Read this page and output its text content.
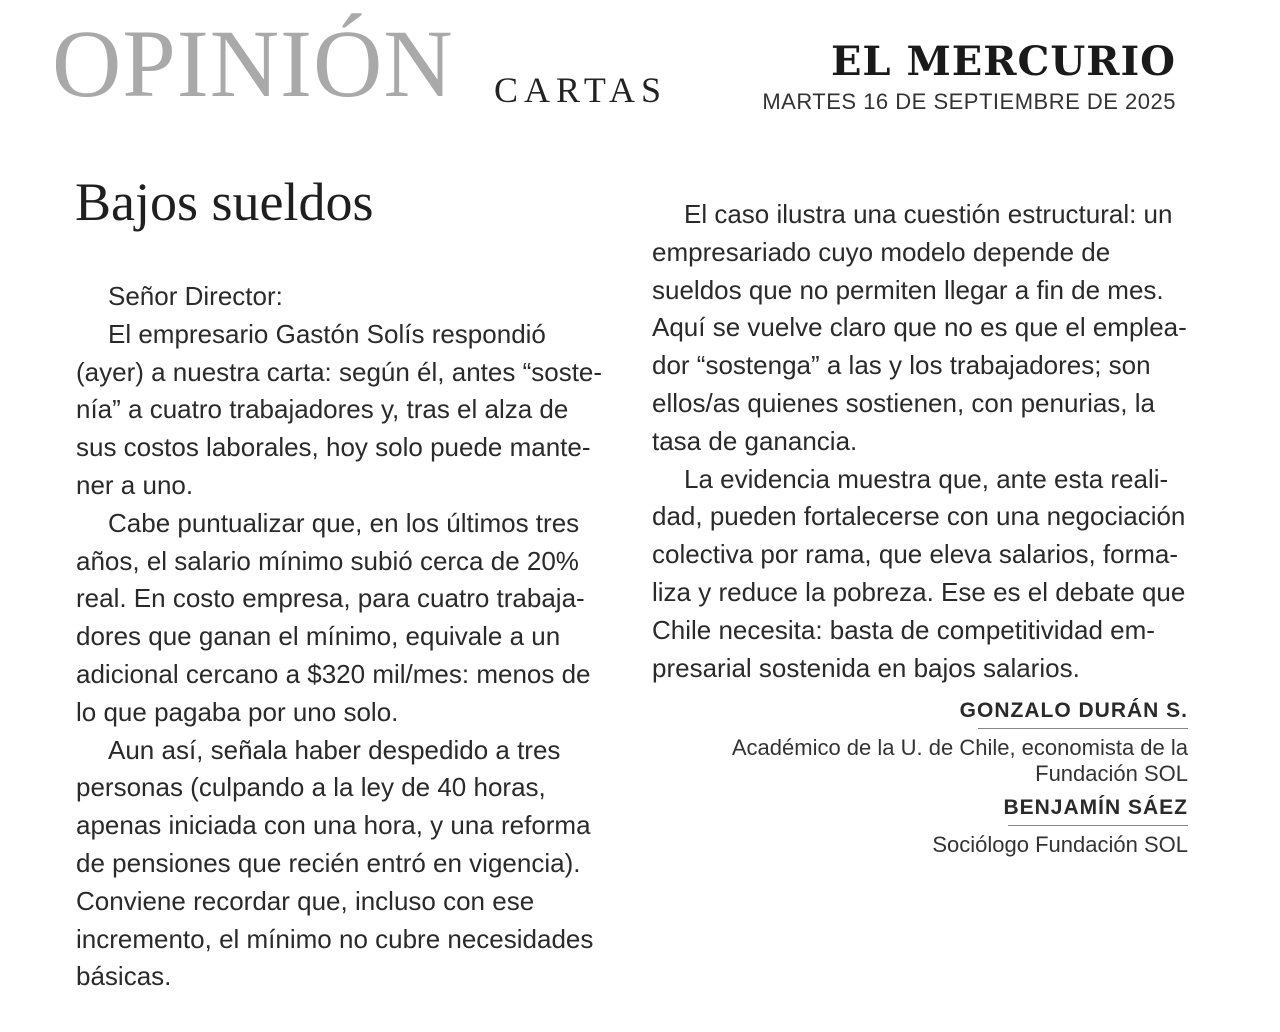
OPINIÓN CARTAS
EL MERCURIO
MARTES 16 DE SEPTIEMBRE DE 2025
Bajos sueldos
Señor Director:
El empresario Gastón Solís respondió
(ayer) a nuestra carta: según él, antes “soste-
nía” a cuatro trabajadores y, tras el alza de
sus costos laborales, hoy solo puede mante-
ner a uno.
Cabe puntualizar que, en los últimos tres
años, el salario mínimo subió cerca de 20%
real. En costo empresa, para cuatro trabaja-
dores que ganan el mínimo, equivale a un
adicional cercano a $320 mil/mes: menos de
lo que pagaba por uno solo.
Aun así, señala haber despedido a tres
personas (culpando a la ley de 40 horas,
apenas iniciada con una hora, y una reforma
de pensiones que recién entró en vigencia).
Conviene recordar que, incluso con ese
incremento, el mínimo no cubre necesidades
básicas.
El caso ilustra una cuestión estructural: un
empresariado cuyo modelo depende de
sueldos que no permiten llegar a fin de mes.
Aquí se vuelve claro que no es que el emplea-
dor “sostenga” a las y los trabajadores; son
ellos/as quienes sostienen, con penurias, la
tasa de ganancia.
La evidencia muestra que, ante esta reali-
dad, pueden fortalecerse con una negociación
colectiva por rama, que eleva salarios, forma-
liza y reduce la pobreza. Ese es el debate que
Chile necesita: basta de competitividad em-
presarial sostenida en bajos salarios.
GONZALO DURÁN S.
Académico de la U. de Chile, economista de la
Fundación SOL
BENJAMÍN SÁEZ
Sociólogo Fundación SOL
